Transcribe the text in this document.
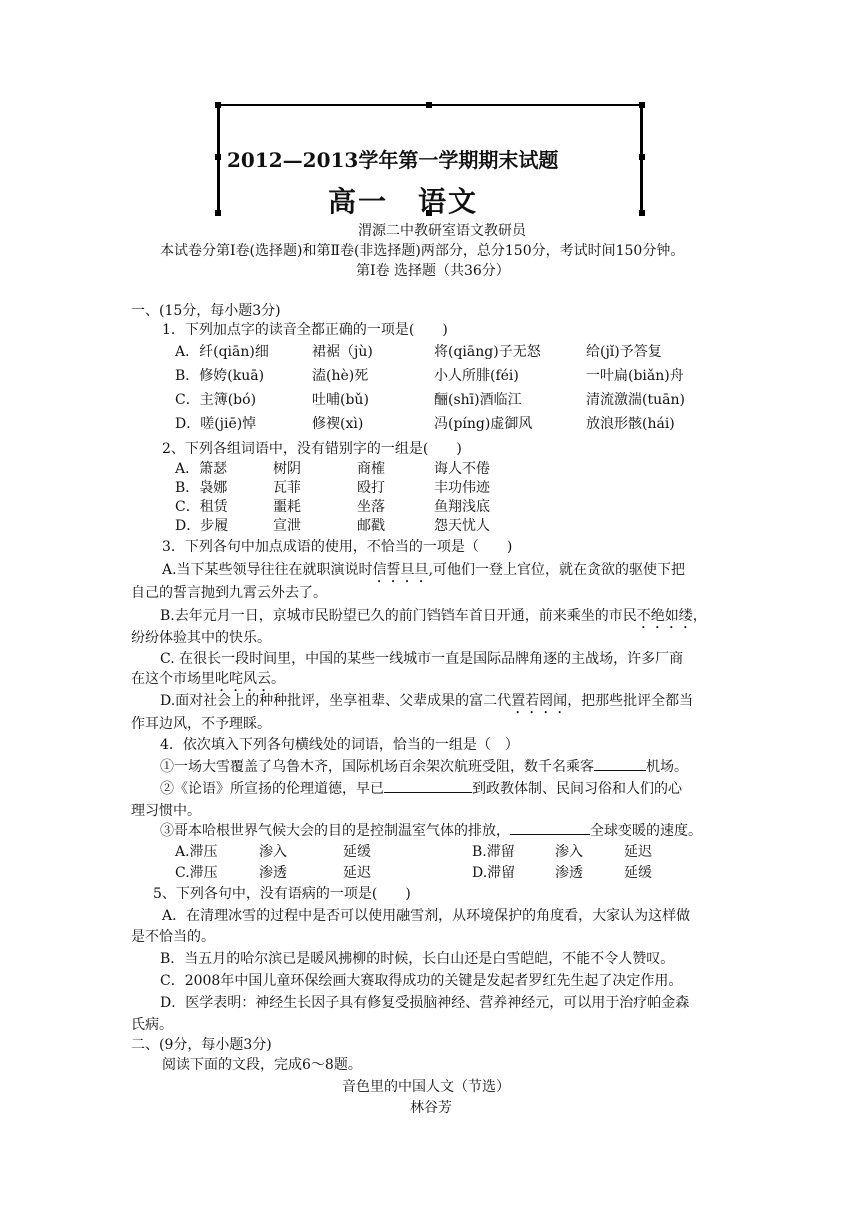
2012—2013学年第一学期期末试题
高一　语文
渭源二中教研室语文教研员
本试卷分第Ⅰ卷(选择题)和第Ⅱ卷(非选择题)两部分，总分150分，考试时间150分钟。
第Ⅰ卷 选择题（共36分）
一、(15分，每小题3分)
1．下列加点字的读音全都正确的一项是(　　)
A．纤(qiān)细	裙裾（jù)	将(qiāng)子无怒	给(jǐ)予答复
B．修姱(kuā)	溘(hè)死	小人所腓(féi)	一叶扁(biǎn)舟
C．主簿(bó)	吐哺(bǔ)	酾(shī)酒临江	清流激湍(tuān)
D．嗟(jiē)悼	修褉(xì)	冯(píng)虚御风	放浪形骸(hái)
2、下列各组词语中，没有错别字的一组是(　　)
A．箫瑟	树阴	商榷	诲人不倦
B．袅娜	瓦菲	殴打	丰功伟迹
C．租赁	噩耗	坐落	鱼翔浅底
D．步履	宣泄	邮戳	怨天忧人
3．下列各句中加点成语的使用，不恰当的一项是（　　)
A.当下某些领导往往在就职演说时信誓旦旦,可他们一登上官位，就在贪欲的驱使下把
自己的誓言抛到九霄云外去了。
B.去年元月一日，京城市民盼望已久的前门铛铛车首日开通，前来乘坐的市民不绝如缕，
纷纷体验其中的快乐。
C. 在很长一段时间里，中国的某些一线城市一直是国际品牌角逐的主战场，许多厂商
在这个市场里叱咤风云。
D.面对社会上的种种批评，坐享祖辈、父辈成果的富二代置若罔闻，把那些批评全都当
作耳边风，不予理睬。
4．依次填入下列各句横线处的词语，恰当的一组是（　）
①一场大雪覆盖了乌鲁木齐，国际机场百余架次航班受阻，数千名乘客	机场。
②《论语》所宣扬的伦理道德，早已	到政教体制、民间习俗和人们的心
理习惯中。
③哥本哈根世界气候大会的目的是控制温室气体的排放，	全球变暖的速度。
A.滞压	渗入	延缓	B.滞留	渗入	延迟
C.滞压	渗透	延迟	D.滞留	渗透	延缓
5、下列各句中，没有语病的一项是(　　)
A．在清理冰雪的过程中是否可以使用融雪剂，从环境保护的角度看，大家认为这样做
是不恰当的。
B．当五月的哈尔滨已是暖风拂柳的时候，长白山还是白雪皑皑，不能不令人赞叹。
C．2008年中国儿童环保绘画大赛取得成功的关键是发起者罗红先生起了决定作用。
D．医学表明：神经生长因子具有修复受损脑神经、营养神经元，可以用于治疗帕金森
氏病。
二、(9分，每小题3分)
阅读下面的文段，完成6～8题。
音色里的中国人文（节选）
林谷芳
